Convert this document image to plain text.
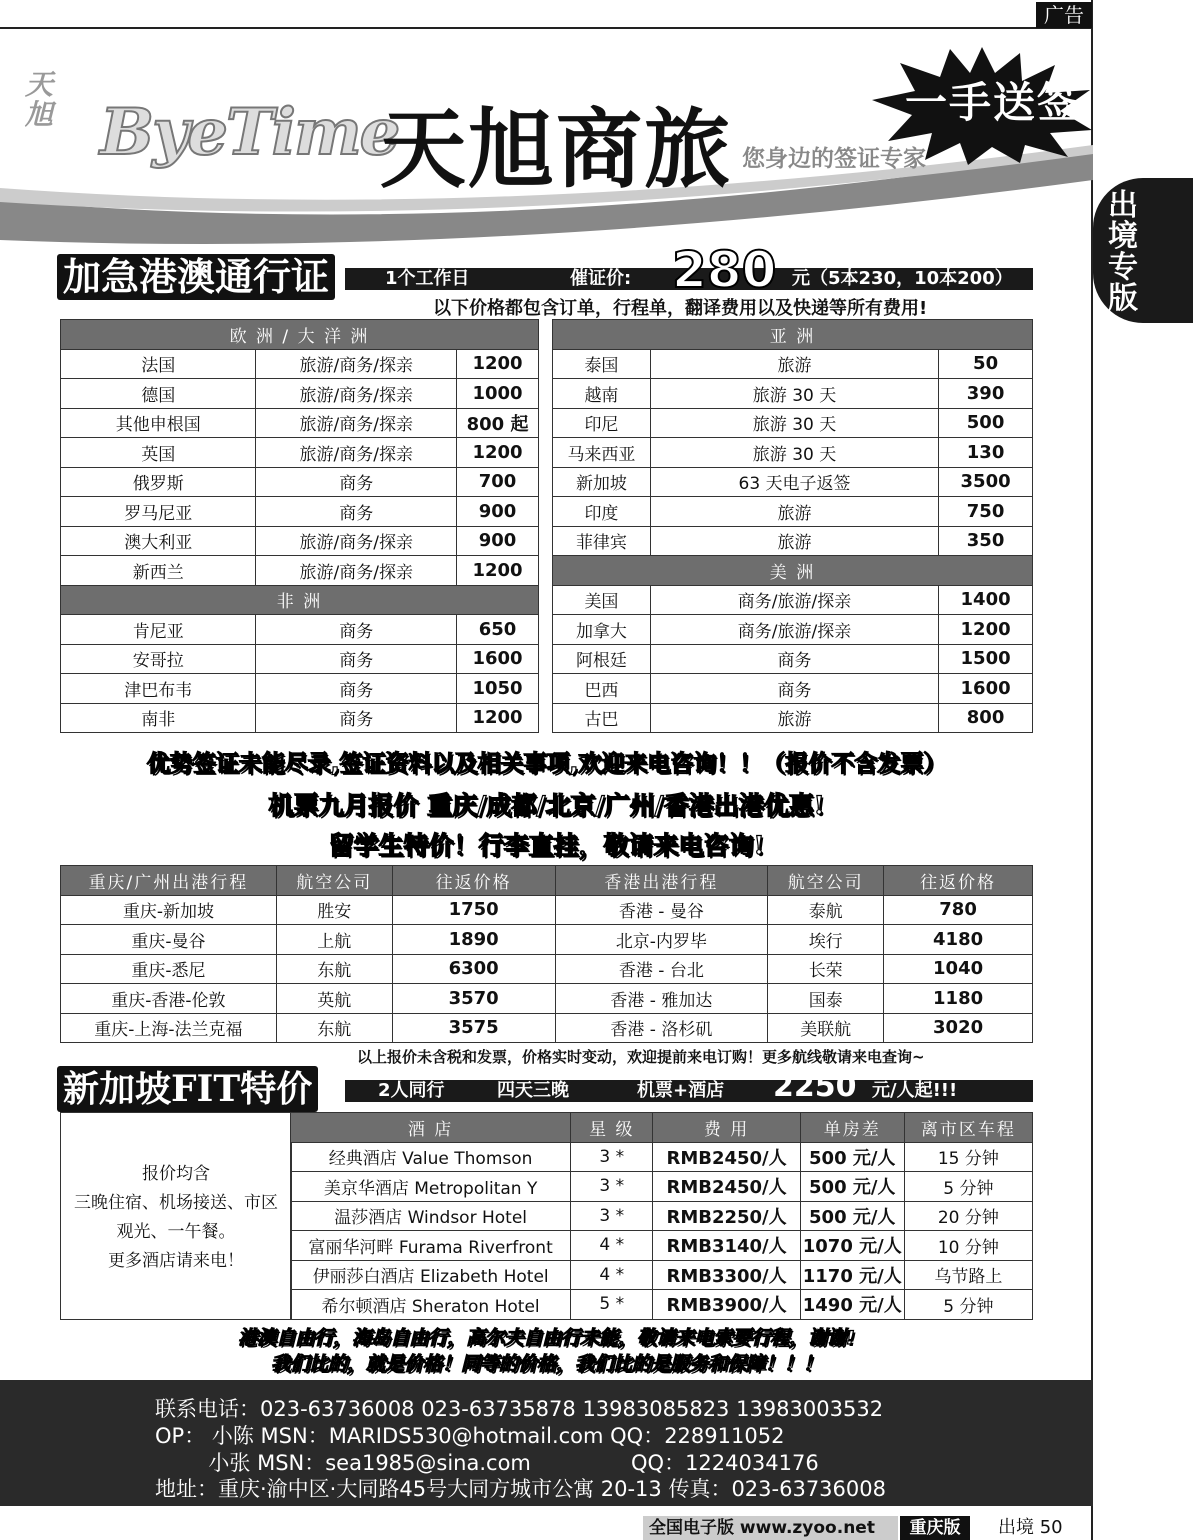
广告
出境专版
天旭 ByeTime
天旭商旅 您身边的签证专家
一手送签
加急港澳通行证	1个工作日	催证价: 280 元（5本230，10本200）
以下价格都包含订单，行程单，翻译费用以及快递等所有费用!
欧 洲 / 大 洋 洲		
法国	旅游/商务/探亲	1200
德国	旅游/商务/探亲	1000
其他申根国	旅游/商务/探亲	800 起
英国	旅游/商务/探亲	1200
俄罗斯	商务	700
罗马尼亚	商务	900
澳大利亚	旅游/商务/探亲	900
新西兰	旅游/商务/探亲	1200
非 洲		
肯尼亚	商务	650
安哥拉	商务	1600
津巴布韦	商务	1050
南非	商务	1200
亚 洲		
泰国	旅游	50
越南	旅游 30 天	390
印尼	旅游 30 天	500
马来西亚	旅游 30 天	130
新加坡	63 天电子返签	3500
印度	旅游	750
菲律宾	旅游	350
美 洲		
美国	商务/旅游/探亲	1400
加拿大	商务/旅游/探亲	1200
阿根廷	商务	1500
巴西	商务	1600
古巴	旅游	800
优势签证未能尽录,签证资料以及相关事项,欢迎来电咨询！！（报价不含发票）
机票九月报价 重庆/成都/北京/广州/香港出港优惠!
留学生特价！行李直挂，敬请来电咨询!
重庆/广州出港行程	航空公司	往返价格	香港出港行程	航空公司	往返价格
重庆-新加坡	胜安	1750	香港 - 曼谷	泰航	780
重庆-曼谷	上航	1890	北京-内罗毕	埃行	4180
重庆-悉尼	东航	6300	香港 - 台北	长荣	1040
重庆-香港-伦敦	英航	3570	香港 - 雅加达	国泰	1180
重庆-上海-法兰克福	东航	3575	香港 - 洛杉矶	美联航	3020
以上报价未含税和发票，价格实时变动，欢迎提前来电订购！更多航线敬请来电查询~
新加坡FIT特价	2人同行	四天三晚	机票+酒店 2250 元/人起!!!
报价均含
三晚住宿、机场接送、市区
观光、一午餐。
更多酒店请来电！
酒 店	星 级	费 用	单房差	离市区车程
经典酒店 Value Thomson	3 *	RMB2450/人	500 元/人	15 分钟
美京华酒店 Metropolitan Y	3 *	RMB2450/人	500 元/人	5 分钟
温莎酒店 Windsor Hotel	3 *	RMB2250/人	500 元/人	20 分钟
富丽华河畔 Furama Riverfront	4 *	RMB3140/人	1070 元/人	10 分钟
伊丽莎白酒店 Elizabeth Hotel	4 *	RMB3300/人	1170 元/人	乌节路上
希尔顿酒店 Sheraton Hotel	5 *	RMB3900/人	1490 元/人	5 分钟
港澳自由行，海岛自由行，高尔夫自由行未能，敬请来电索要行程，谢谢!
我们比的，就是价格！同等的价格，我们比的是服务和保障！！！
联系电话：023-63736008 023-63735878 13983085823 13983003532
OP： 小陈 MSN：MARIDS530@hotmail.com QQ：228911052
小张 MSN：sea1985@sina.com               QQ：1224034176
地址：重庆·渝中区·大同路45号大同方城市公寓 20-13 传真：023-63736008
全国电子版 www.zyoo.net	重庆版	出境 50
